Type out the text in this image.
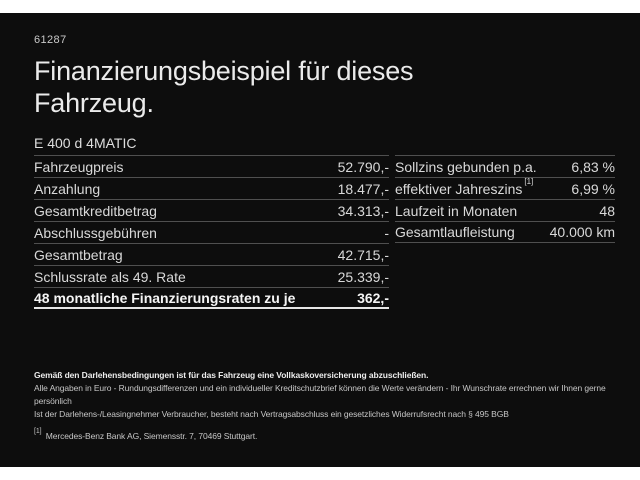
61287
Finanzierungsbeispiel für dieses Fahrzeug.
E 400 d 4MATIC
Fahrzeugpreis	52.790,-
Anzahlung	18.477,-
Gesamtkreditbetrag	34.313,-
Abschlussgebühren	-
Gesamtbetrag	42.715,-
Schlussrate als 49. Rate	25.339,-
48 monatliche Finanzierungsraten zu je	362,-
Sollzins gebunden p.a. 6,83 %
effektiver Jahreszins [1]	6,99 %
Laufzeit in Monaten	48
Gesamtlaufleistung 40.000 km
Gemäß den Darlehensbedingungen ist für das Fahrzeug eine Vollkaskoversicherung abzuschließen.
Alle Angaben in Euro - Rundungsdifferenzen und ein individueller Kreditschutzbrief können die Werte verändern - Ihr Wunschrate errechnen wir Ihnen gerne persönlich
Ist der Darlehens-/Leasingnehmer Verbraucher, besteht nach Vertragsabschluss ein gesetzliches Widerrufsrecht nach § 495 BGB
[1] Mercedes-Benz Bank AG, Siemensstr. 7, 70469 Stuttgart.
